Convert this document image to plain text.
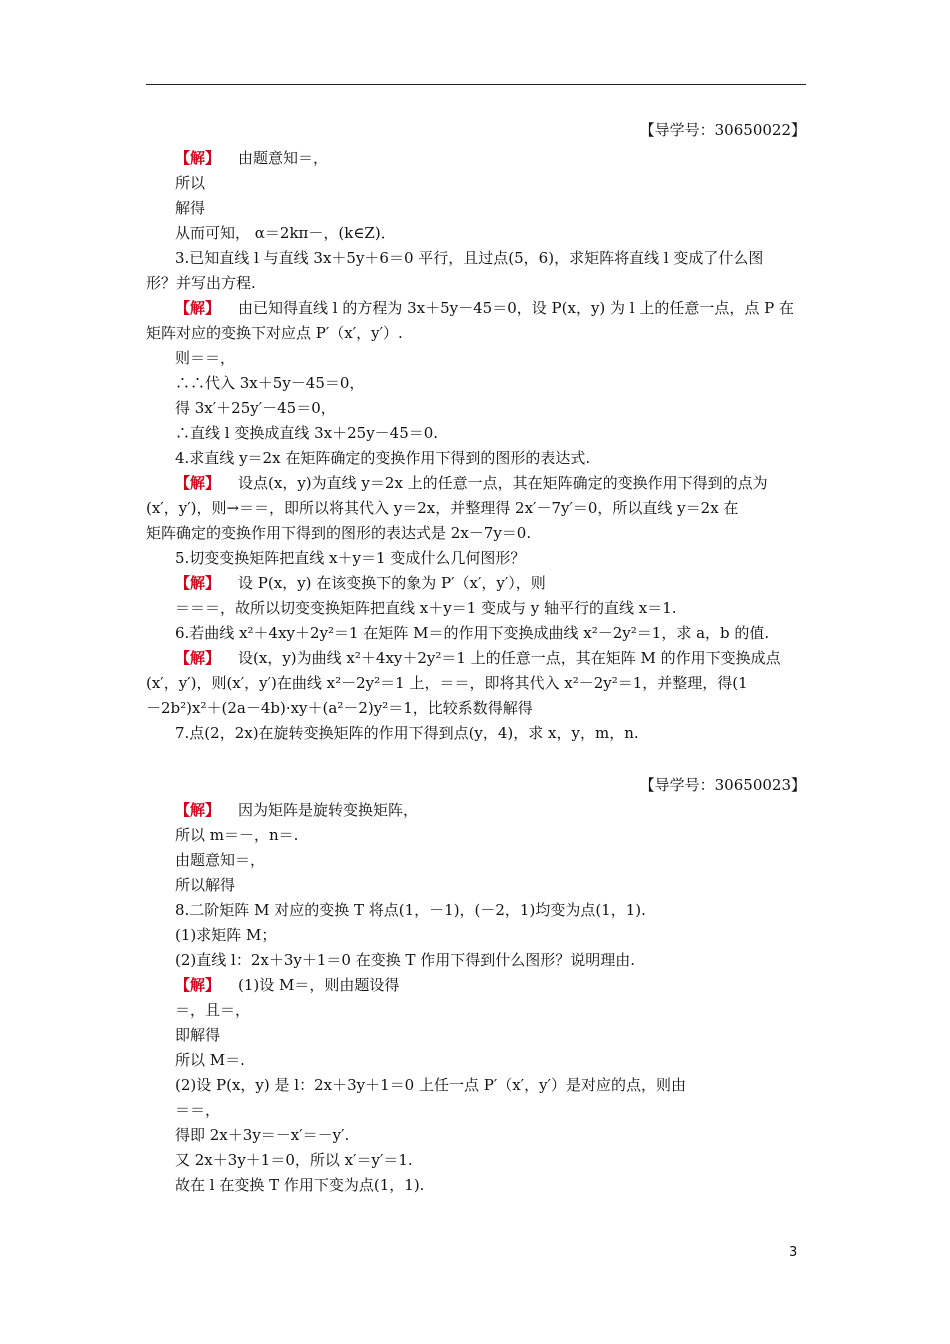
【导学号：30650022】
【解】 由题意知＝，
所以
解得
从而可知， α＝2kπ－，(k∈Z)．
3.已知直线 l 与直线 3x＋5y＋6＝0 平行，且过点(5，6)，求矩阵将直线 l 变成了什么图
形？并写出方程.
【解】 由已知得直线 l 的方程为 3x＋5y－45＝0，设 P(x，y) 为 l 上的任意一点，点 P 在
矩阵对应的变换下对应点 P′（x′，y′）.
则＝＝，
∴∴代入 3x＋5y－45＝0，
得 3x′＋25y′－45＝0，
∴直线 l 变换成直线 3x＋25y－45＝0.
4.求直线 y＝2x 在矩阵确定的变换作用下得到的图形的表达式.
【解】 设点(x，y)为直线 y＝2x 上的任意一点，其在矩阵确定的变换作用下得到的点为
(x′，y′)，则→＝＝，即所以将其代入 y＝2x，并整理得 2x′－7y′＝0，所以直线 y＝2x 在
矩阵确定的变换作用下得到的图形的表达式是 2x－7y＝0.
5.切变变换矩阵把直线 x＋y＝1 变成什么几何图形？
【解】 设 P(x，y) 在该变换下的象为 P′（x′，y′），则
＝＝＝，故所以切变变换矩阵把直线 x＋y＝1 变成与 y 轴平行的直线 x＝1.
6.若曲线 x²＋4xy＋2y²＝1 在矩阵 M＝的作用下变换成曲线 x²－2y²＝1，求 a，b 的值.
【解】 设(x，y)为曲线 x²＋4xy＋2y²＝1 上的任意一点，其在矩阵 M 的作用下变换成点
(x′，y′)，则(x′，y′)在曲线 x²－2y²＝1 上，＝＝，即将其代入 x²－2y²＝1，并整理，得(1
－2b²)x²＋(2a－4b)·xy＋(a²－2)y²＝1，比较系数得解得
7.点(2，2x)在旋转变换矩阵的作用下得到点(y，4)，求 x，y，m，n.
【导学号：30650023】
【解】 因为矩阵是旋转变换矩阵，
所以 m＝－，n＝.
由题意知＝，
所以解得
8.二阶矩阵 M 对应的变换 T 将点(1，－1)，(－2，1)均变为点(1，1).
(1)求矩阵 M；
(2)直线 l：2x＋3y＋1＝0 在变换 T 作用下得到什么图形？说明理由.
【解】 (1)设 M＝，则由题设得
＝，且＝，
即解得
所以 M＝.
(2)设 P(x，y) 是 l：2x＋3y＋1＝0 上任一点 P′（x′，y′）是对应的点，则由
＝＝，
得即 2x＋3y＝－x′＝－y′.
又 2x＋3y＋1＝0，所以 x′＝y′＝1.
故在 l 在变换 T 作用下变为点(1，1).
3
